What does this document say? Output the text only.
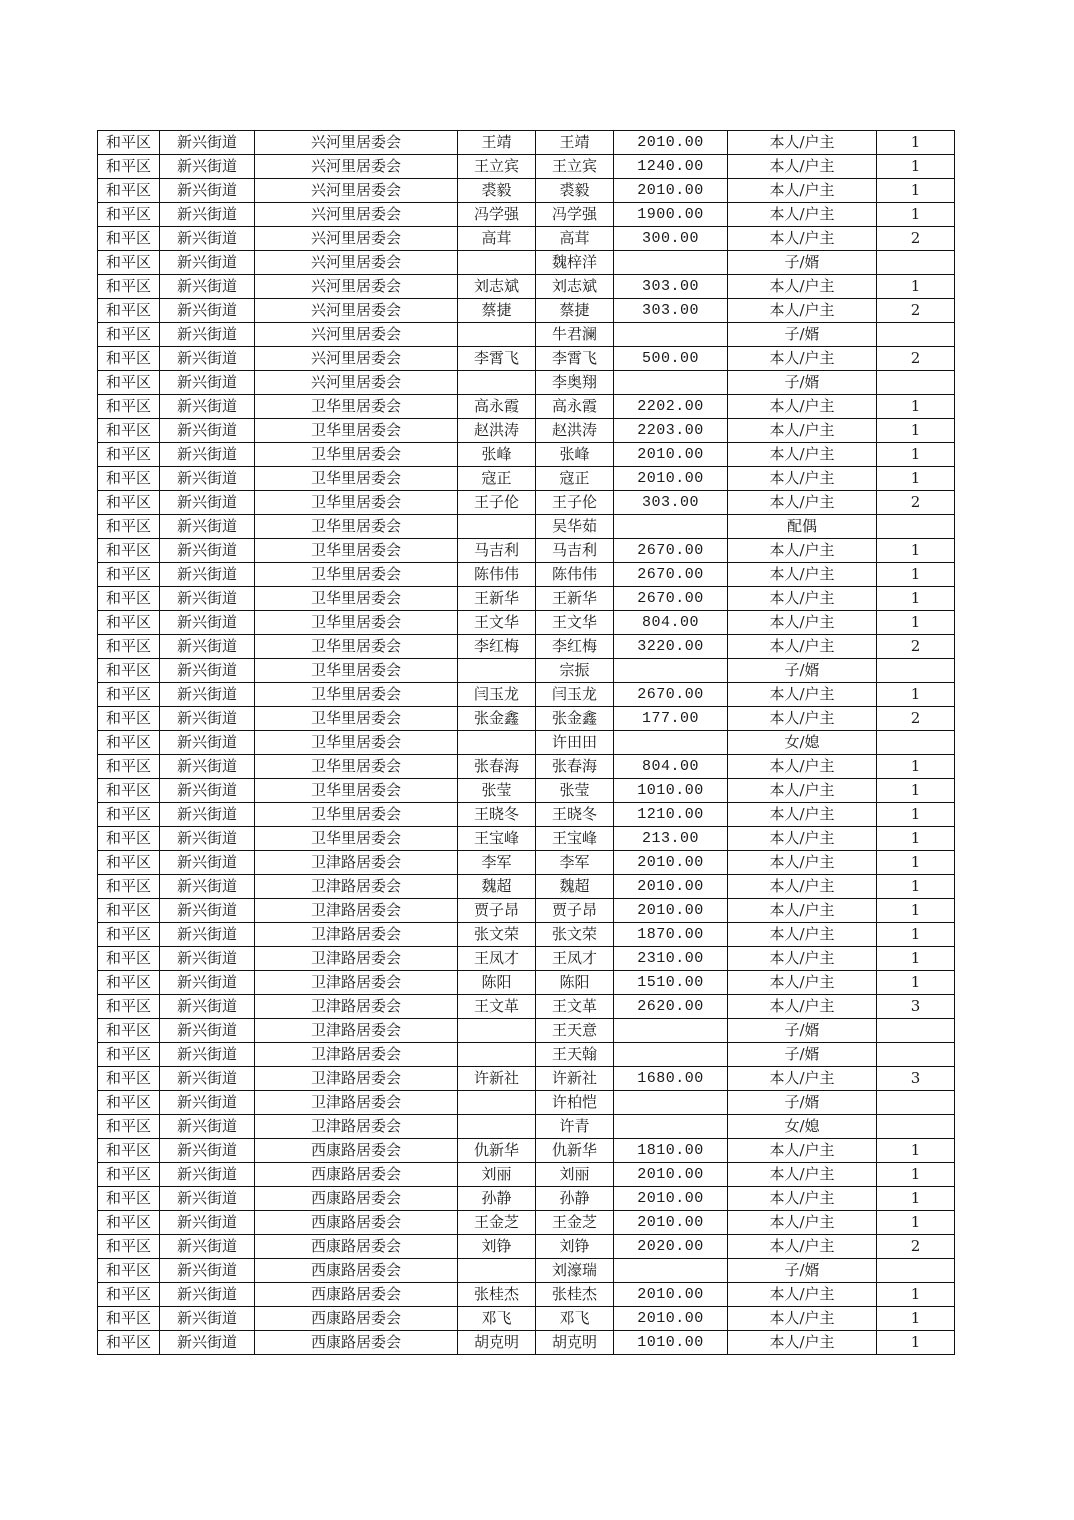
和平区	新兴街道	兴河里居委会	王靖	王靖	2010.00	本人/户主	1
和平区	新兴街道	兴河里居委会	王立宾	王立宾	1240.00	本人/户主	1
和平区	新兴街道	兴河里居委会	裘毅	裘毅	2010.00	本人/户主	1
和平区	新兴街道	兴河里居委会	冯学强	冯学强	1900.00	本人/户主	1
和平区	新兴街道	兴河里居委会	高茸	高茸	300.00	本人/户主	2
和平区	新兴街道	兴河里居委会		魏梓洋		子/婿	
和平区	新兴街道	兴河里居委会	刘志斌	刘志斌	303.00	本人/户主	1
和平区	新兴街道	兴河里居委会	蔡捷	蔡捷	303.00	本人/户主	2
和平区	新兴街道	兴河里居委会		牛君澜		子/婿	
和平区	新兴街道	兴河里居委会	李霄飞	李霄飞	500.00	本人/户主	2
和平区	新兴街道	兴河里居委会		李奥翔		子/婿	
和平区	新兴街道	卫华里居委会	高永霞	高永霞	2202.00	本人/户主	1
和平区	新兴街道	卫华里居委会	赵洪涛	赵洪涛	2203.00	本人/户主	1
和平区	新兴街道	卫华里居委会	张峰	张峰	2010.00	本人/户主	1
和平区	新兴街道	卫华里居委会	寇正	寇正	2010.00	本人/户主	1
和平区	新兴街道	卫华里居委会	王子伦	王子伦	303.00	本人/户主	2
和平区	新兴街道	卫华里居委会		吴华茹		配偶	
和平区	新兴街道	卫华里居委会	马吉利	马吉利	2670.00	本人/户主	1
和平区	新兴街道	卫华里居委会	陈伟伟	陈伟伟	2670.00	本人/户主	1
和平区	新兴街道	卫华里居委会	王新华	王新华	2670.00	本人/户主	1
和平区	新兴街道	卫华里居委会	王文华	王文华	804.00	本人/户主	1
和平区	新兴街道	卫华里居委会	李红梅	李红梅	3220.00	本人/户主	2
和平区	新兴街道	卫华里居委会		宗振		子/婿	
和平区	新兴街道	卫华里居委会	闫玉龙	闫玉龙	2670.00	本人/户主	1
和平区	新兴街道	卫华里居委会	张金鑫	张金鑫	177.00	本人/户主	2
和平区	新兴街道	卫华里居委会		许田田		女/媳	
和平区	新兴街道	卫华里居委会	张春海	张春海	804.00	本人/户主	1
和平区	新兴街道	卫华里居委会	张莹	张莹	1010.00	本人/户主	1
和平区	新兴街道	卫华里居委会	王晓冬	王晓冬	1210.00	本人/户主	1
和平区	新兴街道	卫华里居委会	王宝峰	王宝峰	213.00	本人/户主	1
和平区	新兴街道	卫津路居委会	李军	李军	2010.00	本人/户主	1
和平区	新兴街道	卫津路居委会	魏超	魏超	2010.00	本人/户主	1
和平区	新兴街道	卫津路居委会	贾子昂	贾子昂	2010.00	本人/户主	1
和平区	新兴街道	卫津路居委会	张文荣	张文荣	1870.00	本人/户主	1
和平区	新兴街道	卫津路居委会	王凤才	王凤才	2310.00	本人/户主	1
和平区	新兴街道	卫津路居委会	陈阳	陈阳	1510.00	本人/户主	1
和平区	新兴街道	卫津路居委会	王文革	王文革	2620.00	本人/户主	3
和平区	新兴街道	卫津路居委会		王天意		子/婿	
和平区	新兴街道	卫津路居委会		王天翰		子/婿	
和平区	新兴街道	卫津路居委会	许新社	许新社	1680.00	本人/户主	3
和平区	新兴街道	卫津路居委会		许柏恺		子/婿	
和平区	新兴街道	卫津路居委会		许青		女/媳	
和平区	新兴街道	西康路居委会	仇新华	仇新华	1810.00	本人/户主	1
和平区	新兴街道	西康路居委会	刘丽	刘丽	2010.00	本人/户主	1
和平区	新兴街道	西康路居委会	孙静	孙静	2010.00	本人/户主	1
和平区	新兴街道	西康路居委会	王金芝	王金芝	2010.00	本人/户主	1
和平区	新兴街道	西康路居委会	刘铮	刘铮	2020.00	本人/户主	2
和平区	新兴街道	西康路居委会		刘濠瑞		子/婿	
和平区	新兴街道	西康路居委会	张桂杰	张桂杰	2010.00	本人/户主	1
和平区	新兴街道	西康路居委会	邓飞	邓飞	2010.00	本人/户主	1
和平区	新兴街道	西康路居委会	胡克明	胡克明	1010.00	本人/户主	1
